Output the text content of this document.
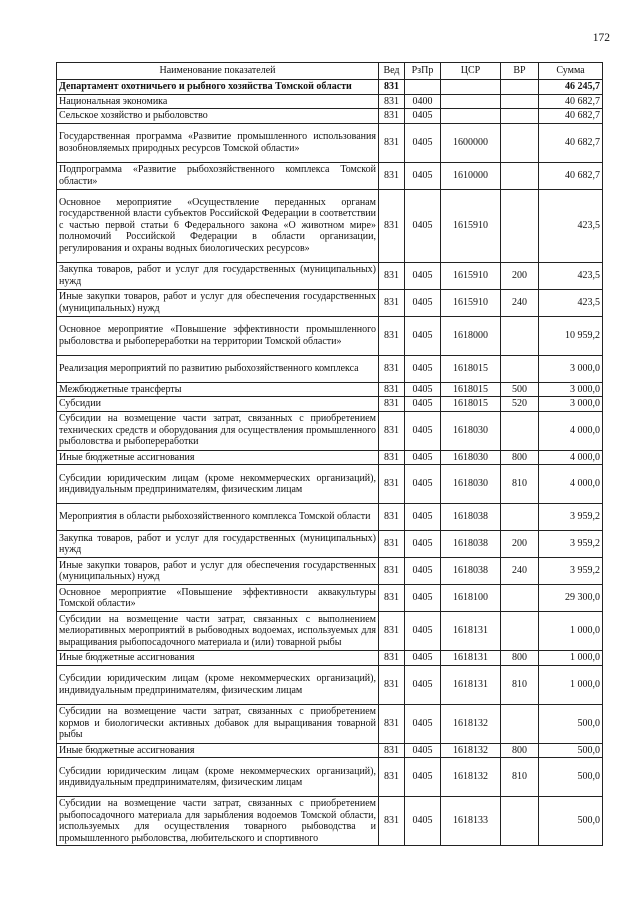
172
Наименование показателей	Вед	РзПр	ЦСР	ВР	Сумма
Департамент охотничьего и рыбного хозяйства Томской области	831				46 245,7
Национальная экономика	831	0400			40 682,7
Сельское хозяйство и рыболовство	831	0405			40 682,7
Государственная программа «Развитие промышленного использования возобновляемых природных ресурсов Томской области»	831	0405	1600000		40 682,7
Подпрограмма «Развитие рыбохозяйственного комплекса Томской области»	831	0405	1610000		40 682,7
Основное мероприятие «Осуществление переданных органам государственной власти субъектов Российской Федерации в соответствии с частью первой статьи 6 Федерального закона «О животном мире» полномочий Российской Федерации в области организации, регулирования и охраны водных биологических ресурсов»	831	0405	1615910		423,5
Закупка товаров, работ и услуг для государственных (муниципальных) нужд	831	0405	1615910	200	423,5
Иные закупки товаров, работ и услуг для обеспечения государственных (муниципальных) нужд	831	0405	1615910	240	423,5
Основное мероприятие «Повышение эффективности промышленного рыболовства и рыбопереработки на территории Томской области»	831	0405	1618000		10 959,2
Реализация мероприятий по развитию рыбохозяйственного комплекса	831	0405	1618015		3 000,0
Межбюджетные трансферты	831	0405	1618015	500	3 000,0
Субсидии	831	0405	1618015	520	3 000,0
Субсидии на возмещение части затрат, связанных с приобретением технических средств и оборудования для осуществления промышленного рыболовства и рыбопереработки	831	0405	1618030		4 000,0
Иные бюджетные ассигнования	831	0405	1618030	800	4 000,0
Субсидии юридическим лицам (кроме некоммерческих организаций), индивидуальным предпринимателям, физическим лицам	831	0405	1618030	810	4 000,0
Мероприятия в области рыбохозяйственного комплекса Томской области	831	0405	1618038		3 959,2
Закупка товаров, работ и услуг для государственных (муниципальных) нужд	831	0405	1618038	200	3 959,2
Иные закупки товаров, работ и услуг для обеспечения государственных (муниципальных) нужд	831	0405	1618038	240	3 959,2
Основное мероприятие «Повышение эффективности аквакультуры Томской области»	831	0405	1618100		29 300,0
Субсидии на возмещение части затрат, связанных с выполнением мелиоративных мероприятий в рыбоводных водоемах, используемых для выращивания рыбопосадочного материала и (или) товарной рыбы	831	0405	1618131		1 000,0
Иные бюджетные ассигнования	831	0405	1618131	800	1 000,0
Субсидии юридическим лицам (кроме некоммерческих организаций), индивидуальным предпринимателям, физическим лицам	831	0405	1618131	810	1 000,0
Субсидии на возмещение части затрат, связанных с приобретением кормов и биологически активных добавок для выращивания товарной рыбы	831	0405	1618132		500,0
Иные бюджетные ассигнования	831	0405	1618132	800	500,0
Субсидии юридическим лицам (кроме некоммерческих организаций), индивидуальным предпринимателям, физическим лицам	831	0405	1618132	810	500,0
Субсидии на возмещение части затрат, связанных с приобретением рыбопосадочного материала для зарыбления водоемов Томской области, используемых для осуществления товарного рыбоводства и промышленного рыболовства, любительского и спортивного	831	0405	1618133		500,0
